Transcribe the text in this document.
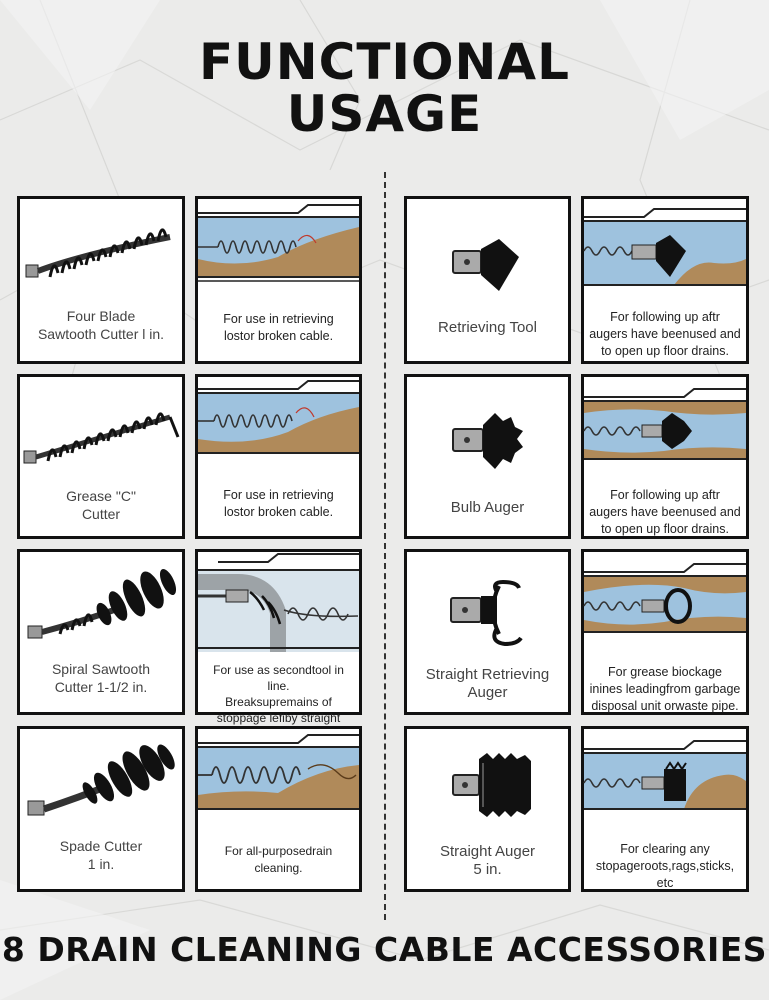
FUNCTIONAL
USAGE
Four Blade
Sawtooth Cutter l in.
For use in retrieving
lostor broken cable.
Grease "C"
Cutter
For use in retrieving
lostor broken cable.
Spiral Sawtooth
Cutter 1-1/2 in.
For use as secondtool in line.
Breaksupremains of
stoppage lefiby straight
Spade Cutter
1 in.
For all-purposedrain cleaning.
Retrieving Tool
For following up aftr
augers have beenused and
to open up floor drains.
Bulb Auger
For following up aftr
augers have beenused and
to open up floor drains.
Straight Retrieving
Auger
For grease biockage
inines leadingfrom garbage
disposal unit orwaste pipe.
Straight Auger
5 in.
For clearing any
stopageroots,rags,sticks,
etc
8 DRAIN CLEANING CABLE ACCESSORIES
